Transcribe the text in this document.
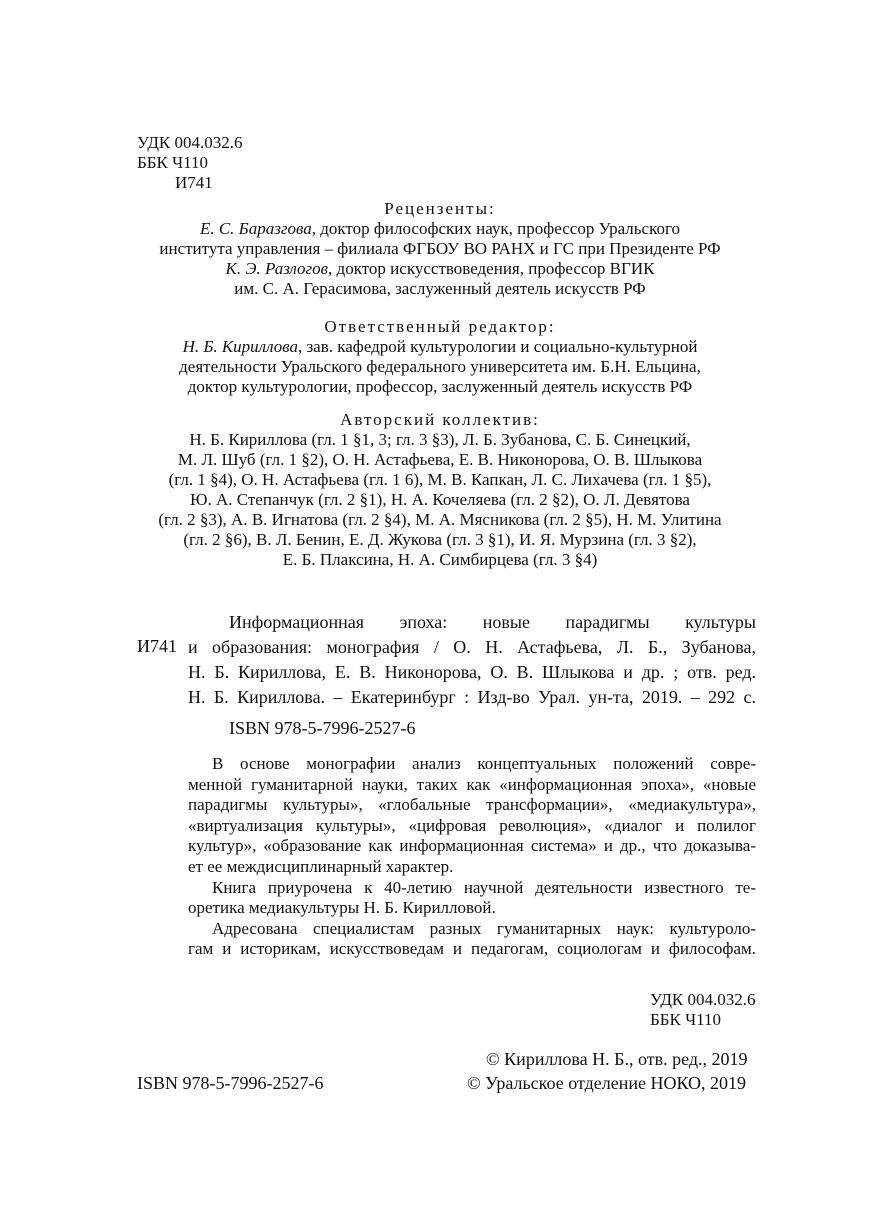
УДК 004.032.6
ББК Ч110
И741
Рецензенты:
Е. С. Баразгова, доктор философских наук, профессор Уральского
института управления – филиала ФГБОУ ВО РАНХ и ГС при Президенте РФ
К. Э. Разлогов, доктор искусствоведения, профессор ВГИК
им. С. А. Герасимова, заслуженный деятель искусств РФ
Ответственный редактор:
Н. Б. Кириллова, зав. кафедрой культурологии и социально-культурной
деятельности Уральского федерального университета им. Б.Н. Ельцина,
доктор культурологии, профессор, заслуженный деятель искусств РФ
Авторский коллектив:
Н. Б. Кириллова (гл. 1 §1, 3; гл. 3 §3), Л. Б. Зубанова, С. Б. Синецкий,
М. Л. Шуб (гл. 1 §2), О. Н. Астафьева, Е. В. Никонорова, О. В. Шлыкова
(гл. 1 §4), О. Н. Астафьева (гл. 1 6), М. В. Капкан, Л. С. Лихачева (гл. 1 §5),
Ю. А. Степанчук (гл. 2 §1), Н. А. Кочеляева (гл. 2 §2), О. Л. Девятова
(гл. 2 §3), А. В. Игнатова (гл. 2 §4), М. А. Мясникова (гл. 2 §5), Н. М. Улитина
(гл. 2 §6), В. Л. Бенин, Е. Д. Жукова (гл. 3 §1), И. Я. Мурзина (гл. 3 §2),
Е. Б. Плаксина, Н. А. Симбирцева (гл. 3 §4)
И741
Информационная эпоха: новые парадигмы культуры
и образования: монография / О. Н. Астафьева, Л. Б., Зубанова,
Н. Б. Кириллова, Е. В. Никонорова, О. В. Шлыкова и др. ; отв. ред.
Н. Б. Кириллова. – Екатеринбург : Изд-во Урал. ун-та, 2019. – 292 с.
ISBN 978-5-7996-2527-6
В основе монографии анализ концептуальных положений совре-
менной гуманитарной науки, таких как «информационная эпоха», «новые
парадигмы культуры», «глобальные трансформации», «медиакультура»,
«виртуализация культуры», «цифровая революция», «диалог и полилог
культур», «образование как информационная система» и др., что доказыва-
ет ее междисциплинарный характер.
Книга приурочена к 40-летию научной деятельности известного те-
оретика медиакультуры Н. Б. Кирилловой.
Адресована специалистам разных гуманитарных наук: культуроло-
гам и историкам, искусствоведам и педагогам, социологам и философам.
УДК 004.032.6
ББК Ч110
© Кириллова Н. Б., отв. ред., 2019
ISBN 978-5-7996-2527-6	© Уральское отделение НОКО, 2019
